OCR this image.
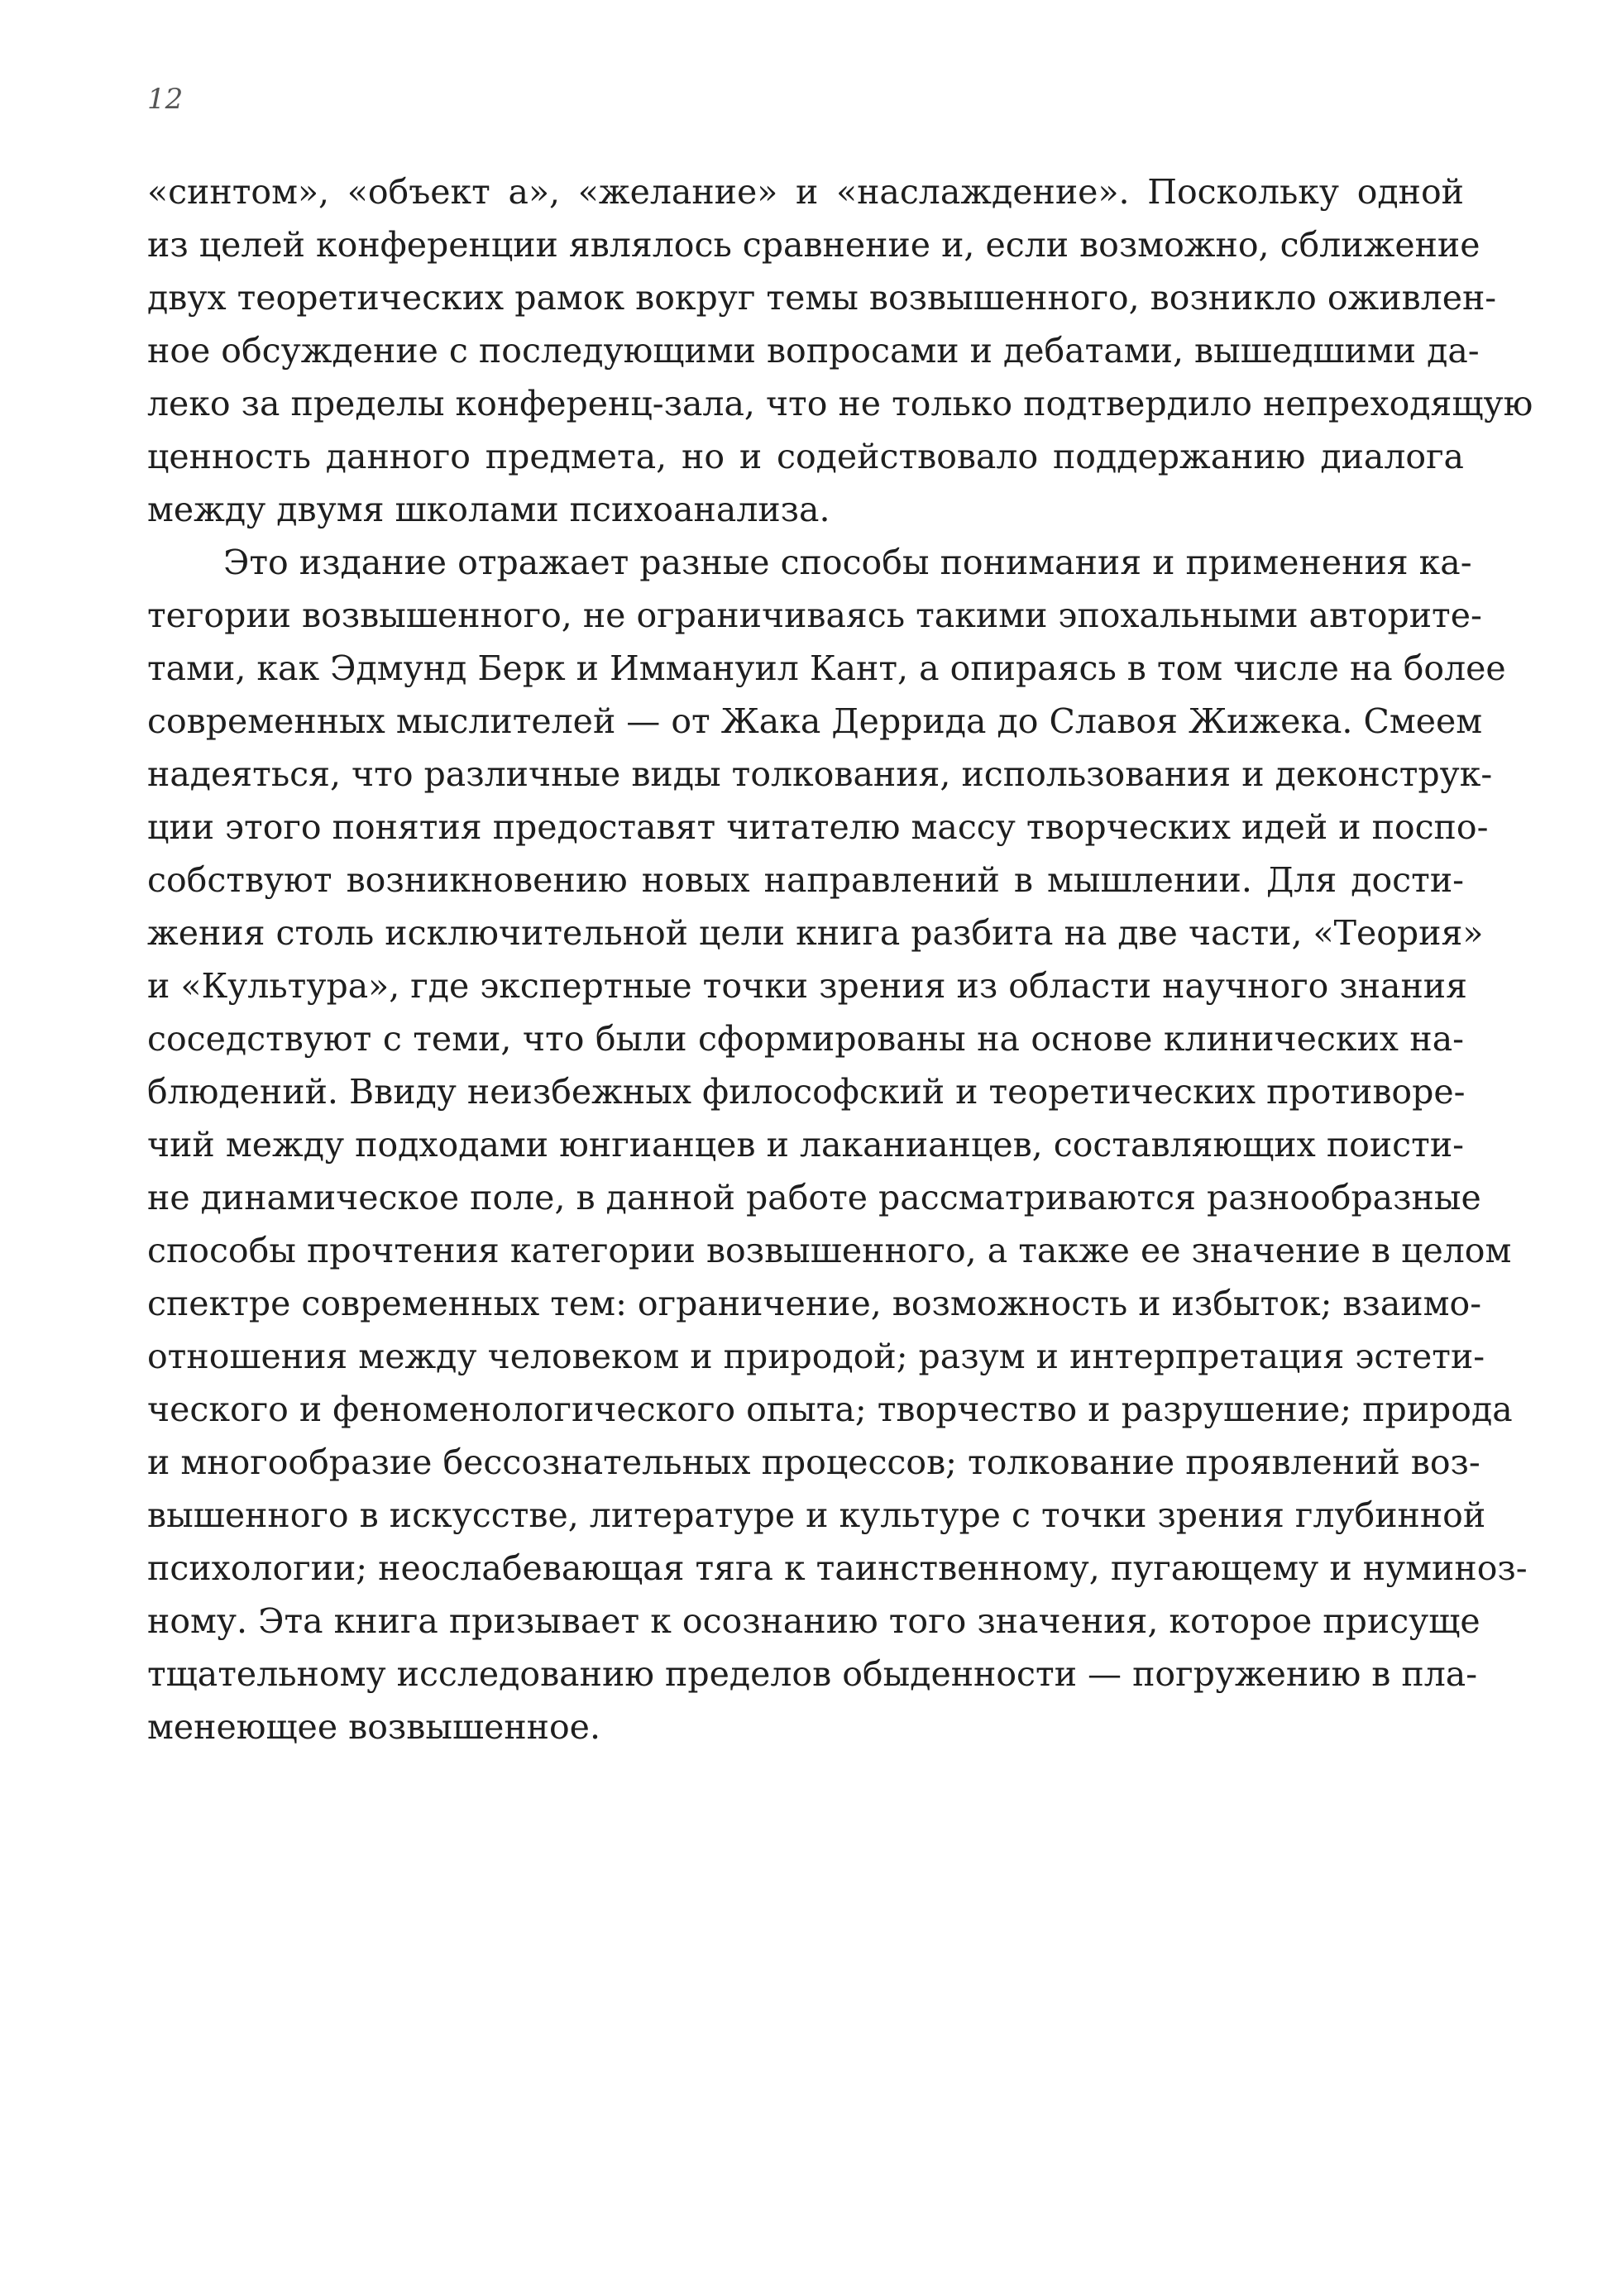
12
«синтом», «объект a», «желание» и «наслаждение». Поскольку одной
из целей конференции являлось сравнение и, если возможно, сближение
двух теоретических рамок вокруг темы возвышенного, возникло оживлен-
ное обсуждение с последующими вопросами и дебатами, вышедшими да-
леко за пределы конференц-зала, что не только подтвердило непреходящую
ценность данного предмета, но и содействовало поддержанию диалога
между двумя школами психоанализа.
Это издание отражает разные способы понимания и применения ка-
тегории возвышенного, не ограничиваясь такими эпохальными авторите-
тами, как Эдмунд Берк и Иммануил Кант, а опираясь в том числе на более
современных мыслителей — от Жака Деррида до Славоя Жижека. Смеем
надеяться, что различные виды толкования, использования и деконструк-
ции этого понятия предоставят читателю массу творческих идей и поспо-
собствуют возникновению новых направлений в мышлении. Для дости-
жения столь исключительной цели книга разбита на две части, «Теория»
и «Культура», где экспертные точки зрения из области научного знания
соседствуют с теми, что были сформированы на основе клинических на-
блюдений. Ввиду неизбежных философский и теоретических противоре-
чий между подходами юнгианцев и лаканианцев, составляющих поисти-
не динамическое поле, в данной работе рассматриваются разнообразные
способы прочтения категории возвышенного, а также ее значение в целом
спектре современных тем: ограничение, возможность и избыток; взаимо-
отношения между человеком и природой; разум и интерпретация эстети-
ческого и феноменологического опыта; творчество и разрушение; природа
и многообразие бессознательных процессов; толкование проявлений воз-
вышенного в искусстве, литературе и культуре с точки зрения глубинной
психологии; неослабевающая тяга к таинственному, пугающему и нуминоз-
ному. Эта книга призывает к осознанию того значения, которое присуще
тщательному исследованию пределов обыденности — погружению в пла-
менеющее возвышенное.
